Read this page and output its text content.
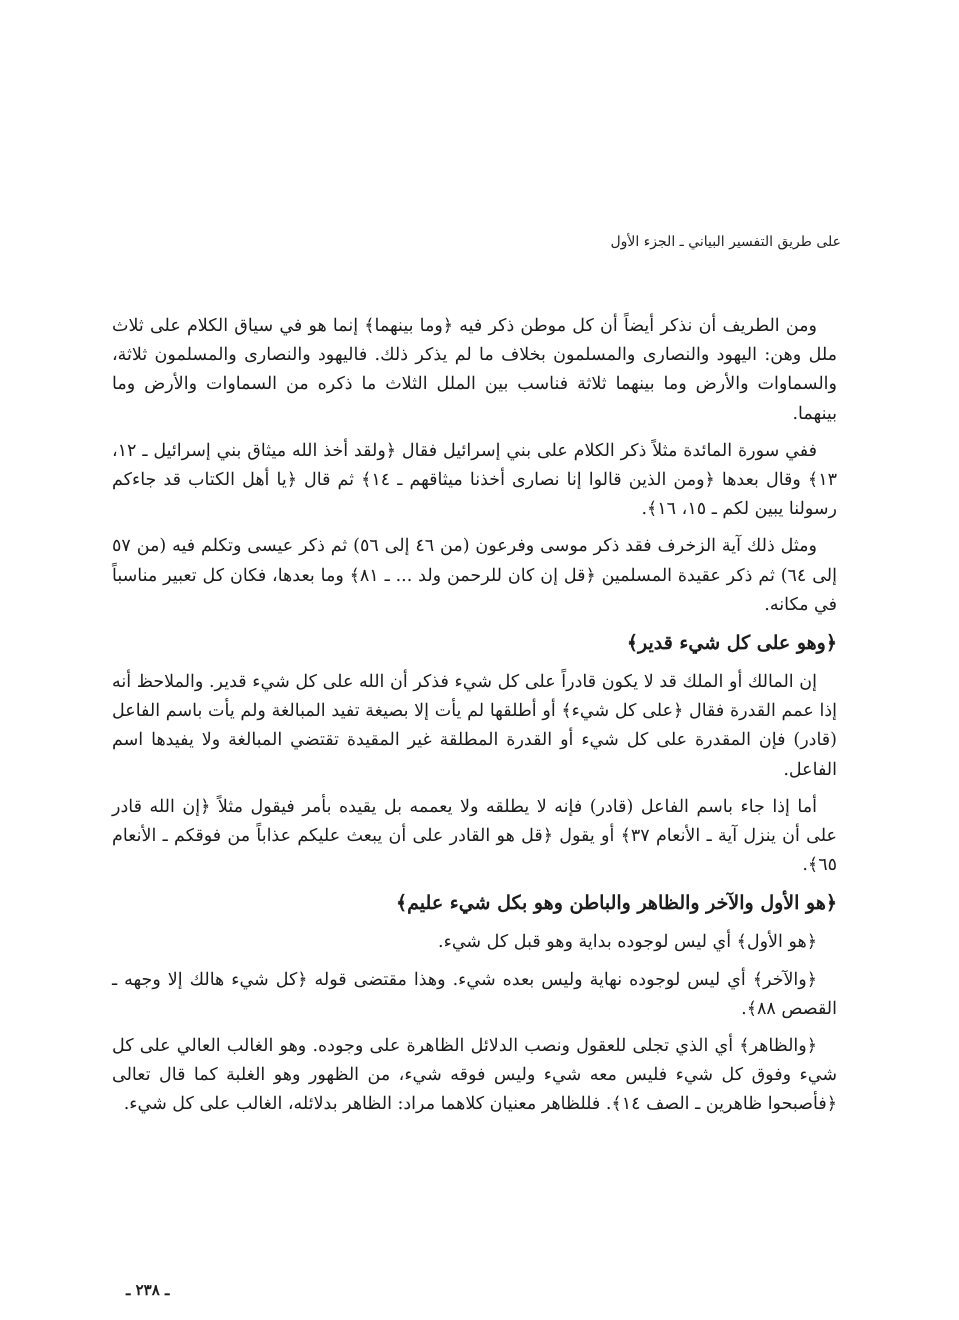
على طريق التفسير البياني ـ الجزء الأول

ومن الطريف أن نذكر أيضاً أن كل موطن ذكر فيه ﴿وما بينهما﴾ إنما هو في سياق الكلام على ثلاث ملل وهن: اليهود والنصارى والمسلمون بخلاف ما لم يذكر ذلك. فاليهود والنصارى والمسلمون ثلاثة، والسماوات والأرض وما بينهما ثلاثة فناسب بين الملل الثلاث ما ذكره من السماوات والأرض وما بينهما.

ففي سورة المائدة مثلاً ذكر الكلام على بني إسرائيل فقال ﴿ولقد أخذ الله ميثاق بني إسرائيل ـ ١٢، ١٣﴾ وقال بعدها ﴿ومن الذين قالوا إنا نصارى أخذنا ميثاقهم ـ ١٤﴾ ثم قال ﴿يا أهل الكتاب قد جاءكم رسولنا يبين لكم ـ ١٥، ١٦﴾.

ومثل ذلك آية الزخرف فقد ذكر موسى وفرعون (من ٤٦ إلى ٥٦) ثم ذكر عيسى وتكلم فيه (من ٥٧ إلى ٦٤) ثم ذكر عقيدة المسلمين ﴿قل إن كان للرحمن ولد ... ـ ٨١﴾ وما بعدها، فكان كل تعبير مناسباً في مكانه.

﴿وهو على كل شيء قدير﴾

إن المالك أو الملك قد لا يكون قادراً على كل شيء فذكر أن الله على كل شيء قدير. والملاحظ أنه إذا عمم القدرة فقال ﴿على كل شيء﴾ أو أطلقها لم يأت إلا بصيغة تفيد المبالغة ولم يأت باسم الفاعل (قادر) فإن المقدرة على كل شيء أو القدرة المطلقة غير المقيدة تقتضي المبالغة ولا يفيدها اسم الفاعل.

أما إذا جاء باسم الفاعل (قادر) فإنه لا يطلقه ولا يعممه بل يقيده بأمر فيقول مثلاً ﴿إن الله قادر على أن ينزل آية ـ الأنعام ٣٧﴾ أو يقول ﴿قل هو القادر على أن يبعث عليكم عذاباً من فوقكم ـ الأنعام ٦٥﴾.

﴿هو الأول والآخر والظاهر والباطن وهو بكل شيء عليم﴾

﴿هو الأول﴾ أي ليس لوجوده بداية وهو قبل كل شيء.

﴿والآخر﴾ أي ليس لوجوده نهاية وليس بعده شيء. وهذا مقتضى قوله ﴿كل شيء هالك إلا وجهه ـ القصص ٨٨﴾.

﴿والظاهر﴾ أي الذي تجلى للعقول ونصب الدلائل الظاهرة على وجوده. وهو الغالب العالي على كل شيء وفوق كل شيء فليس معه شيء وليس فوقه شيء، من الظهور وهو الغلبة كما قال تعالى ﴿فأصبحوا ظاهرين ـ الصف ١٤﴾. فللظاهر معنيان كلاهما مراد: الظاهر بدلائله، الغالب على كل شيء.

ـ ٢٣٨ ـ
